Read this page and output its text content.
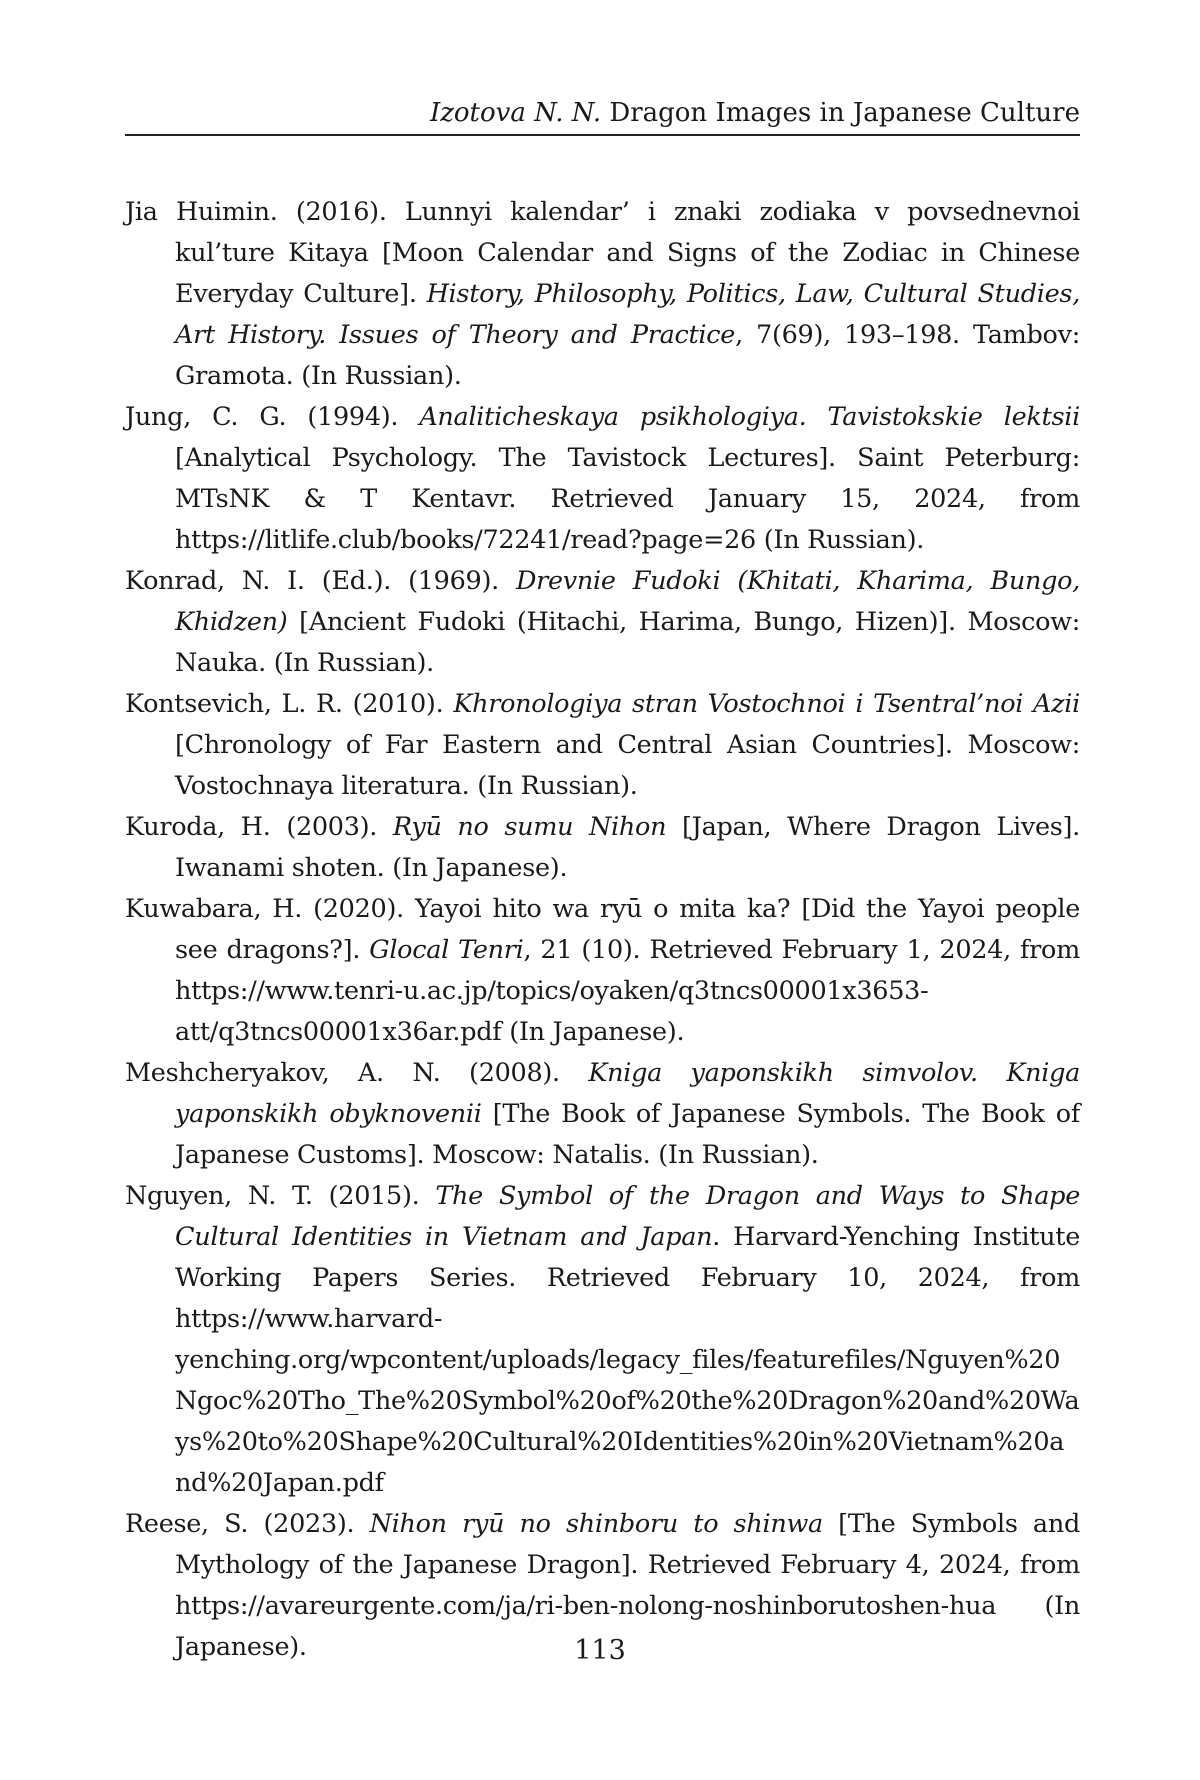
Izotova N. N. Dragon Images in Japanese Culture

Jia Huimin. (2016). Lunnyi kalendar’ i znaki zodiaka v povsednevnoi kul’ture Kitaya [Moon Calendar and Signs of the Zodiac in Chinese Everyday Culture]. History, Philosophy, Politics, Law, Cultural Studies, Art History. Issues of Theory and Practice, 7(69), 193–198. Tambov: Gramota. (In Russian).

Jung, C. G. (1994). Analiticheskaya psikhologiya. Tavistokskie lektsii [Analytical Psychology. The Tavistock Lectures]. Saint Peterburg: MTsNK & T Kentavr. Retrieved January 15, 2024, from https://litlife.club/books/72241/read?page=26 (In Russian).

Konrad, N. I. (Ed.). (1969). Drevnie Fudoki (Khitati, Kharima, Bungo, Khidzen) [Ancient Fudoki (Hitachi, Harima, Bungo, Hizen)]. Moscow: Nauka. (In Russian).

Kontsevich, L. R. (2010). Khronologiya stran Vostochnoi i Tsentral’noi Azii [Chronology of Far Eastern and Central Asian Countries]. Moscow: Vostochnaya literatura. (In Russian).

Kuroda, H. (2003). Ryū no sumu Nihon [Japan, Where Dragon Lives]. Iwanami shoten. (In Japanese).

Kuwabara, H. (2020). Yayoi hito wa ryū o mita ka? [Did the Yayoi people see dragons?]. Glocal Tenri, 21 (10). Retrieved February 1, 2024, from https://www.tenri-u.ac.jp/topics/oyaken/q3tncs00001x3653-att/q3tncs00001x36ar.pdf (In Japanese).

Meshcheryakov, A. N. (2008). Kniga yaponskikh simvolov. Kniga yaponskikh obyknovenii [The Book of Japanese Symbols. The Book of Japanese Customs]. Moscow: Natalis. (In Russian).

Nguyen, N. T. (2015). The Symbol of the Dragon and Ways to Shape Cultural Identities in Vietnam and Japan. Harvard-Yenching Institute Working Papers Series. Retrieved February 10, 2024, from https://www.harvard-yenching.org/wpcontent/uploads/legacy_files/featurefiles/Nguyen%20Ngoc%20Tho_The%20Symbol%20of%20the%20Dragon%20and%20Ways%20to%20Shape%20Cultural%20Identities%20in%20Vietnam%20and%20Japan.pdf

Reese, S. (2023). Nihon ryū no shinboru to shinwa [The Symbols and Mythology of the Japanese Dragon]. Retrieved February 4, 2024, from https://avareurgente.com/ja/ri-ben-nolong-noshinborutoshen-hua (In Japanese).	113
